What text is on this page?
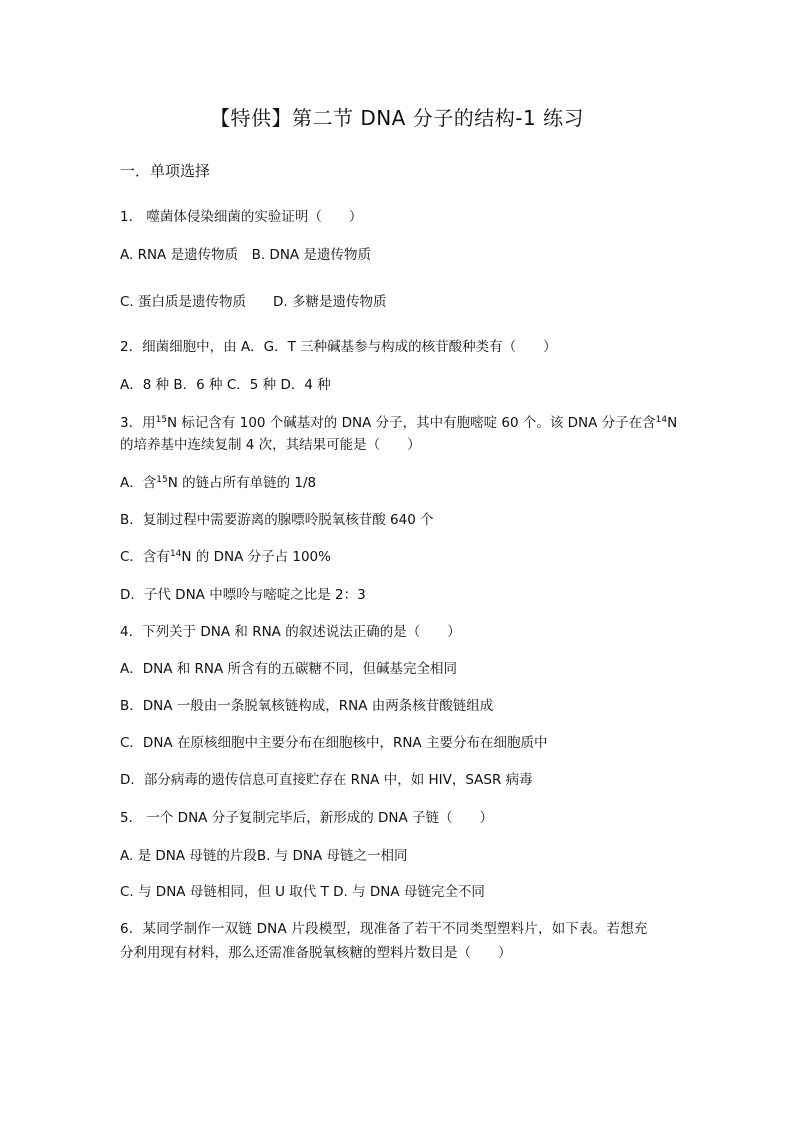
【特供】第二节 DNA 分子的结构-1 练习
一．单项选择
1． 噬菌体侵染细菌的实验证明（　　）
A. RNA 是遗传物质　B. DNA 是遗传物质
C. 蛋白质是遗传物质　　D. 多糖是遗传物质
2．细菌细胞中，由 A．G．T 三种碱基参与构成的核苷酸种类有（　　）
A．8 种 B．6 种 C．5 种 D．4 种
3．用$^{15}$N 标记含有 100 个碱基对的 DNA 分子，其中有胞嘧啶 60 个。该 DNA 分子在含$^{14}$N
的培养基中连续复制 4 次，其结果可能是（　　）
A．含$^{15}$N 的链占所有单链的 1/8
B．复制过程中需要游离的腺嘌呤脱氧核苷酸 640 个
C．含有$^{14}$N 的 DNA 分子占 100%
D．子代 DNA 中嘌呤与嘧啶之比是 2：3
4．下列关于 DNA 和 RNA 的叙述说法正确的是（　　）
A．DNA 和 RNA 所含有的五碳糖不同，但碱基完全相同
B．DNA 一般由一条脱氧核链构成，RNA 由两条核苷酸链组成
C．DNA 在原核细胞中主要分布在细胞核中，RNA 主要分布在细胞质中
D．部分病毒的遗传信息可直接贮存在 RNA 中，如 HIV，SASR 病毒
5． 一个 DNA 分子复制完毕后，新形成的 DNA 子链（　　）
A. 是 DNA 母链的片段B. 与 DNA 母链之一相同
C. 与 DNA 母链相同，但 U 取代 T D. 与 DNA 母链完全不同
6．某同学制作一双链 DNA 片段模型，现准备了若干不同类型塑料片，如下表。若想充
分利用现有材料，那么还需准备脱氧核糖的塑料片数目是（　　）
